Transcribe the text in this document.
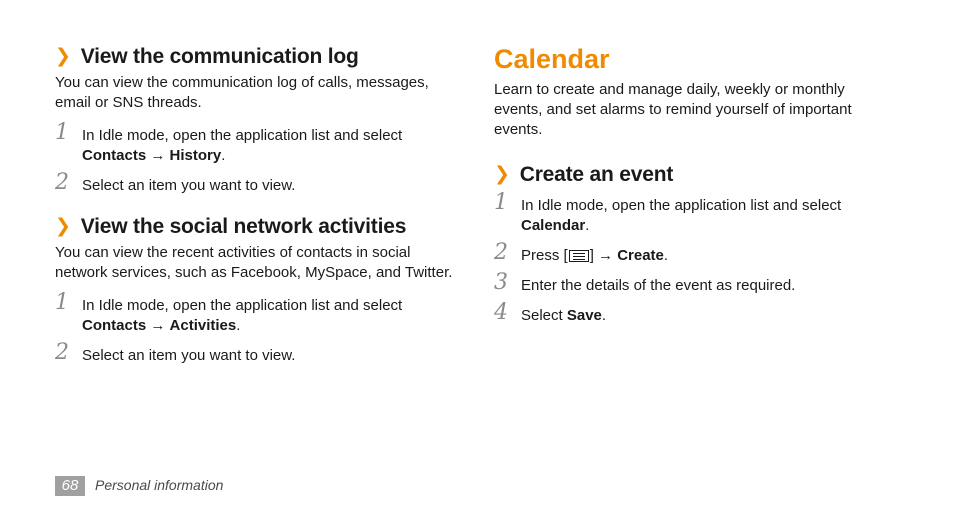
❯ View the communication log
You can view the communication log of calls, messages,
email or SNS threads.
1 In Idle mode, open the application list and select
Contacts → History.
2 Select an item you want to view.
❯ View the social network activities
You can view the recent activities of contacts in social
network services, such as Facebook, MySpace, and Twitter.
1 In Idle mode, open the application list and select
Contacts → Activities.
2 Select an item you want to view.
Calendar
Learn to create and manage daily, weekly or monthly
events, and set alarms to remind yourself of important
events.
❯ Create an event
1 In Idle mode, open the application list and select
Calendar.
2 Press [ ] → Create.
3 Enter the details of the event as required.
4 Select Save.
68	Personal information
